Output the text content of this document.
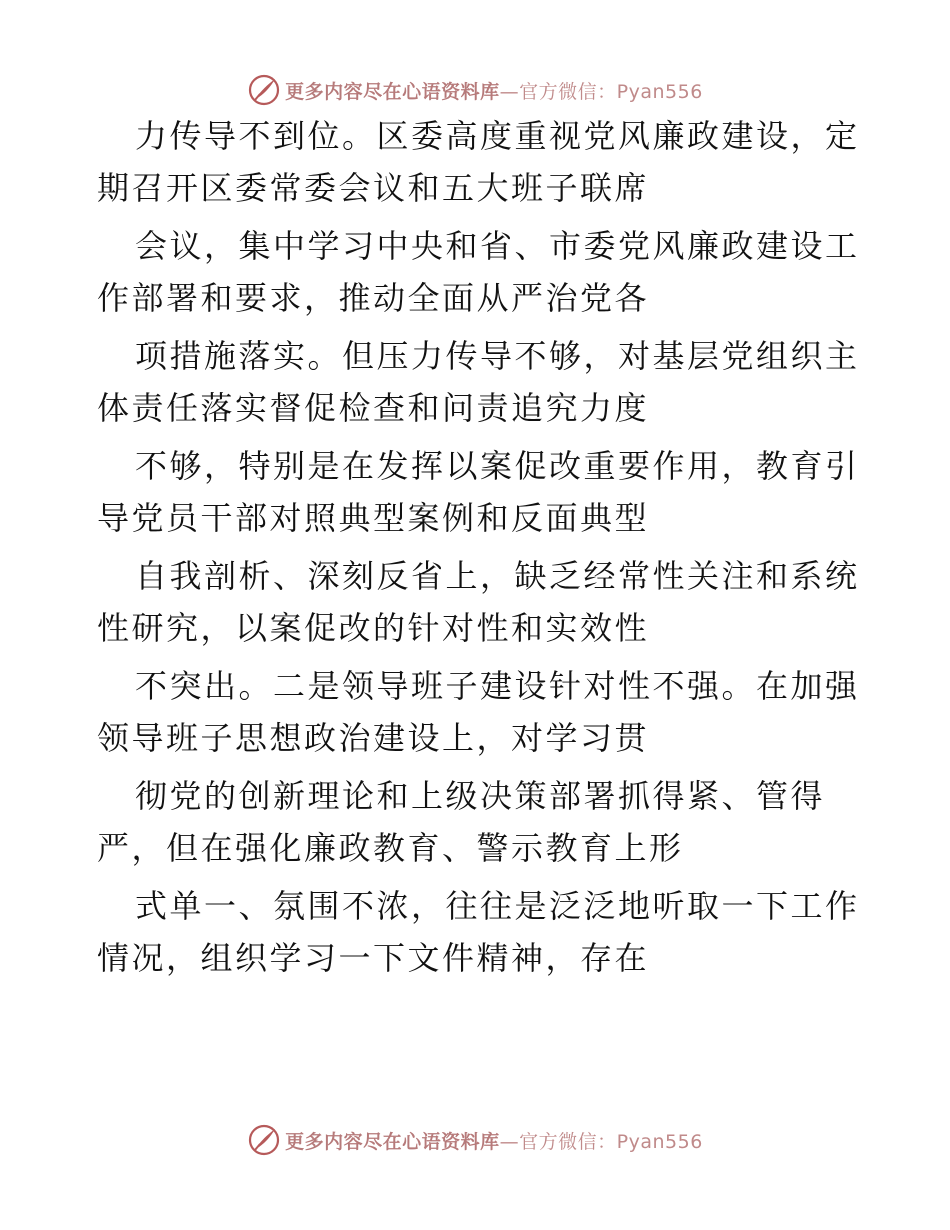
更多内容尽在心语资料库—官方微信：Pyan556

力传导不到位。区委高度重视党风廉政建设，定

期召开区委常委会议和五大班子联席

会议，集中学习中央和省、市委党风廉政建设工

作部署和要求，推动全面从严治党各

项措施落实。但压力传导不够，对基层党组织主

体责任落实督促检查和问责追究力度

不够，特别是在发挥以案促改重要作用，教育引

导党员干部对照典型案例和反面典型

自我剖析、深刻反省上，缺乏经常性关注和系统

性研究，以案促改的针对性和实效性

不突出。二是领导班子建设针对性不强。在加强

领导班子思想政治建设上，对学习贯

彻党的创新理论和上级决策部署抓得紧、管得

严，但在强化廉政教育、警示教育上形

式单一、氛围不浓，往往是泛泛地听取一下工作

情况，组织学习一下文件精神，存在

更多内容尽在心语资料库—官方微信：Pyan556
